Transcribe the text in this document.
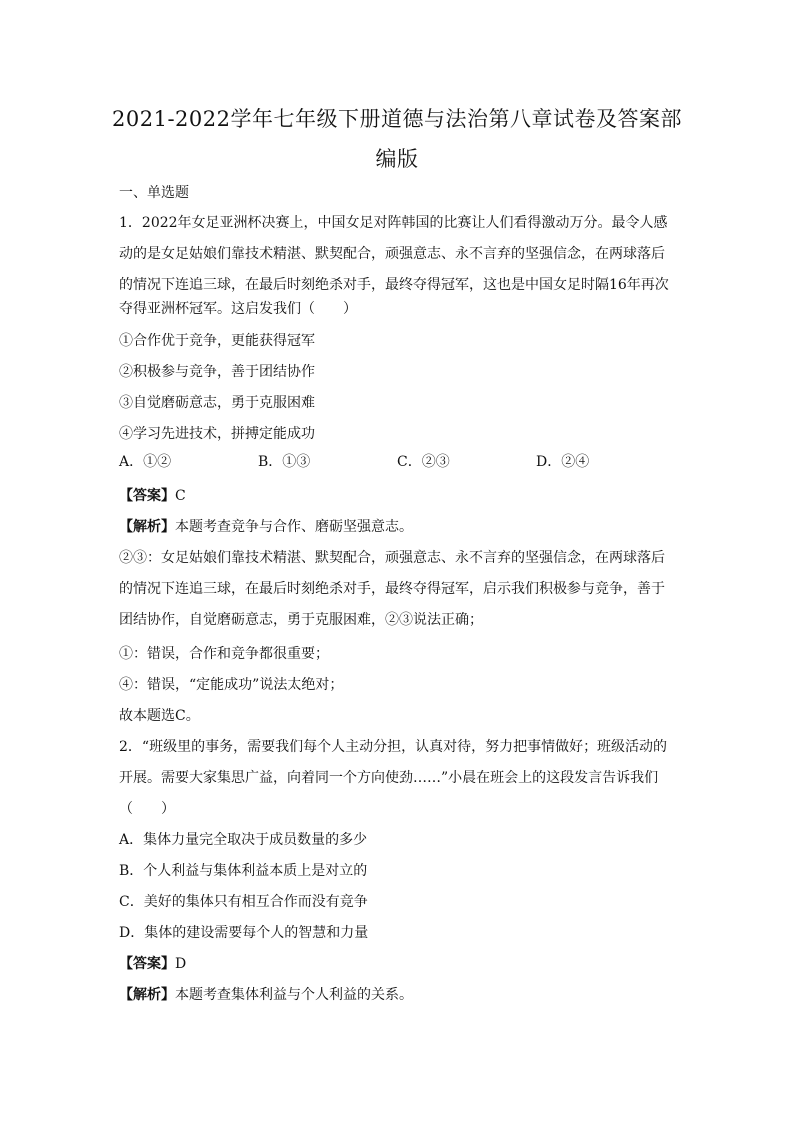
2021-2022学年七年级下册道德与法治第八章试卷及答案部
编版
一、单选题
1．2022年女足亚洲杯决赛上，中国女足对阵韩国的比赛让人们看得激动万分。最令人感
动的是女足姑娘们靠技术精湛、默契配合，顽强意志、永不言弃的坚强信念，在两球落后
的情况下连追三球，在最后时刻绝杀对手，最终夺得冠军，这也是中国女足时隔16年再次
夺得亚洲杯冠军。这启发我们（　　）
①合作优于竞争，更能获得冠军
②积极参与竞争，善于团结协作
③自觉磨砺意志，勇于克服困难
④学习先进技术，拼搏定能成功
A．①②	B．①③	C．②③	D．②④
【答案】C
【解析】本题考查竞争与合作、磨砺坚强意志。
②③：女足姑娘们靠技术精湛、默契配合，顽强意志、永不言弃的坚强信念，在两球落后
的情况下连追三球，在最后时刻绝杀对手，最终夺得冠军，启示我们积极参与竞争，善于
团结协作，自觉磨砺意志，勇于克服困难，②③说法正确；
①：错误，合作和竞争都很重要；
④：错误，“定能成功”说法太绝对；
故本题选C。
2．“班级里的事务，需要我们每个人主动分担，认真对待，努力把事情做好；班级活动的
开展。需要大家集思广益，向着同一个方向使劲……”小晨在班会上的这段发言告诉我们
（　　）
A．集体力量完全取决于成员数量的多少
B．个人利益与集体利益本质上是对立的
C．美好的集体只有相互合作而没有竞争
D．集体的建设需要每个人的智慧和力量
【答案】D
【解析】本题考查集体利益与个人利益的关系。
